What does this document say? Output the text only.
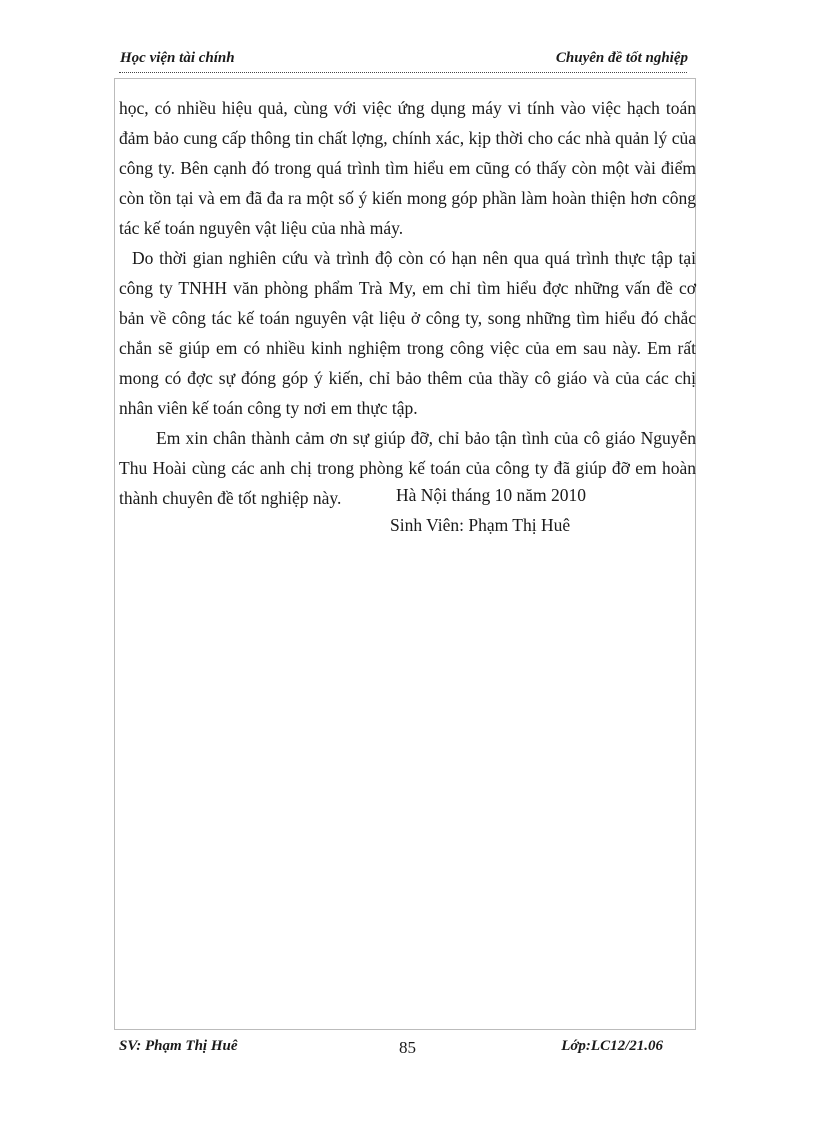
Học viện tài chính	Chuyên đề tốt nghiệp

học, có nhiều hiệu quả, cùng với việc ứng dụng máy vi tính vào việc hạch toán đảm bảo cung cấp thông tin chất lợng, chính xác, kịp thời cho các nhà quản lý của công ty. Bên cạnh đó trong quá trình tìm hiểu em cũng có thấy còn một vài điểm còn tồn tại và em đã đa ra một số ý kiến mong góp phần làm hoàn thiện hơn công tác kế toán nguyên vật liệu của nhà máy.

Do thời gian nghiên cứu và trình độ còn có hạn nên qua quá trình thực tập tại công ty TNHH văn phòng phẩm Trà My, em chỉ tìm hiểu đợc những vấn đề cơ bản về công tác kế toán nguyên vật liệu ở công ty, song những tìm hiểu đó chắc chắn sẽ giúp em có nhiều kinh nghiệm trong công việc của em sau này. Em rất mong có đợc sự đóng góp ý kiến, chỉ bảo thêm của thầy cô giáo và của các chị nhân viên kế toán công ty nơi em thực tập.

Em xin chân thành cảm ơn sự giúp đỡ, chỉ bảo tận tình của cô giáo Nguyễn Thu Hoài cùng các anh chị trong phòng kế toán của công ty đã giúp đỡ em hoàn thành chuyên đề tốt nghiệp này.	Hà Nội tháng 10 năm 2010
Sinh Viên: Phạm Thị Huê
SV: Phạm Thị Huê	85	Lớp:LC12/21.06
